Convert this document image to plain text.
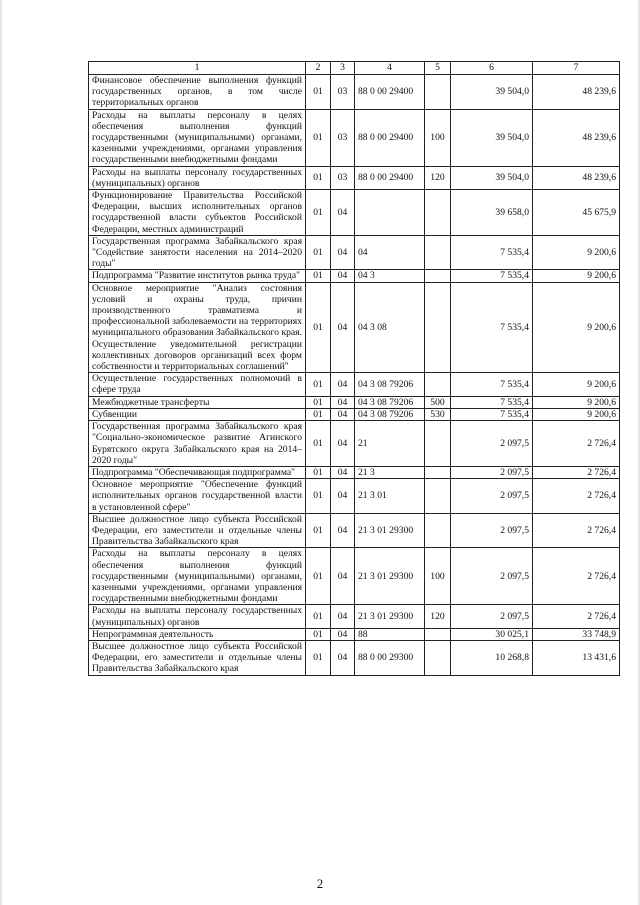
1	2	3	4	5	6	7
Финансовое обеспечение выполнения функций государственных органов, в том числе территориальных органов	01	03	88 0 00 29400		39 504,0	48 239,6
Расходы на выплаты персоналу в целях обеспечения выполнения функций государственными (муниципальными) органами, казенными учреждениями, органами управления государственными внебюджетными фондами	01	03	88 0 00 29400	100	39 504,0	48 239,6
Расходы на выплаты персоналу государственных (муниципальных) органов	01	03	88 0 00 29400	120	39 504,0	48 239,6
Функционирование Правительства Российской Федерации, высших исполнительных органов государственной власти субъектов Российской Федерации, местных администраций	01	04			39 658,0	45 675,9
Государственная программа Забайкальского края "Содействие занятости населения на 2014–2020 годы"	01	04	04		7 535,4	9 200,6
Подпрограмма "Развитие институтов рынка труда"	01	04	04 3		7 535,4	9 200,6
Основное мероприятие "Анализ состояния условий и охраны труда, причин производственного травматизма и профессиональной заболеваемости на территориях муниципального образования Забайкальского края. Осуществление уведомительной регистрации коллективных договоров организаций всех форм собственности и территориальных соглашений"	01	04	04 3 08		7 535,4	9 200,6
Осуществление государственных полномочий в сфере труда	01	04	04 3 08 79206		7 535,4	9 200,6
Межбюджетные трансферты	01	04	04 3 08 79206	500	7 535,4	9 200,6
Субвенции	01	04	04 3 08 79206	530	7 535,4	9 200,6
Государственная программа Забайкальского края "Социально-экономическое развитие Агинского Бурятского округа Забайкальского края на 2014–2020 годы"	01	04	21		2 097,5	2 726,4
Подпрограмма "Обеспечивающая подпрограмма"	01	04	21 3		2 097,5	2 726,4
Основное мероприятие "Обеспечение функций исполнительных органов государственной власти в установленной сфере"	01	04	21 3 01		2 097,5	2 726,4
Высшее должностное лицо субъекта Российской Федерации, его заместители и отдельные члены Правительства Забайкальского края	01	04	21 3 01 29300		2 097,5	2 726,4
Расходы на выплаты персоналу в целях обеспечения выполнения функций государственными (муниципальными) органами, казенными учреждениями, органами управления государственными внебюджетными фондами	01	04	21 3 01 29300	100	2 097,5	2 726,4
Расходы на выплаты персоналу государственных (муниципальных) органов	01	04	21 3 01 29300	120	2 097,5	2 726,4
Непрограммная деятельность	01	04	88		30 025,1	33 748,9
Высшее должностное лицо субъекта Российской Федерации, его заместители и отдельные члены Правительства Забайкальского края	01	04	88 0 00 29300		10 268,8	13 431,6
2
